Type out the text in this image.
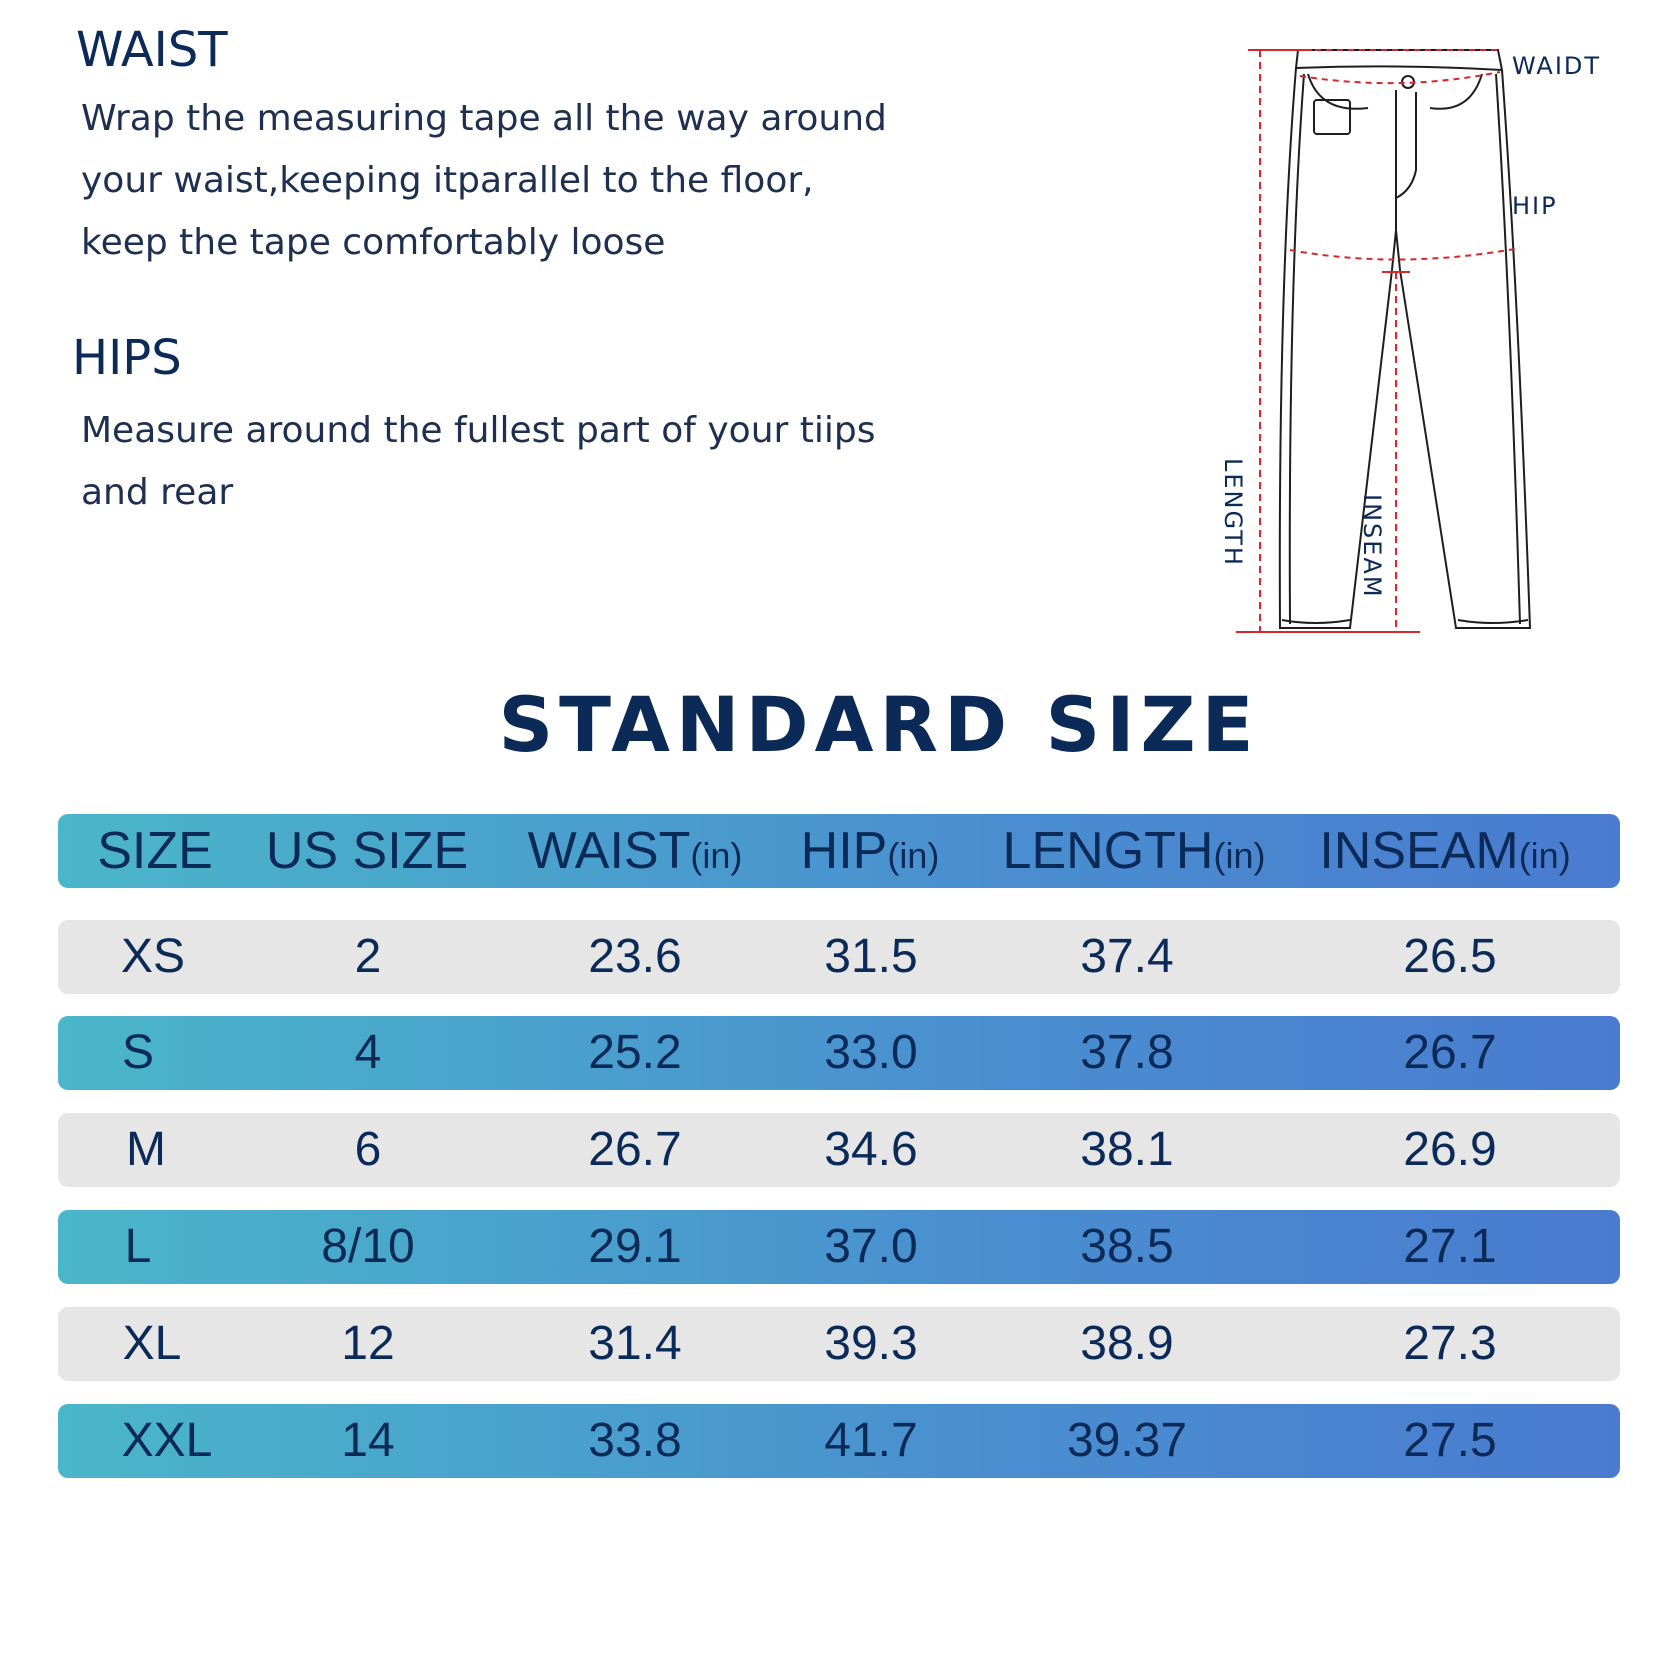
WAIST
Wrap the measuring tape all the way around
your waist,keeping itparallel to the floor,
keep the tape comfortably loose
HIPS
Measure around the fullest part of your tiips
and rear
WAIDT
HIP
LENGTH	INSEAM
STANDARD SIZE
SIZE US SIZE WAIST(in) HIP(in) LENGTH(in) INSEAM(in)
XS	2	23.6	31.5	37.4	26.5
S	4	25.2	33.0	37.8	26.7
M	6	26.7	34.6	38.1	26.9
L	8/10	29.1	37.0	38.5	27.1
XL	12	31.4	39.3	38.9	27.3
XXL	14	33.8	41.7	39.37	27.5
